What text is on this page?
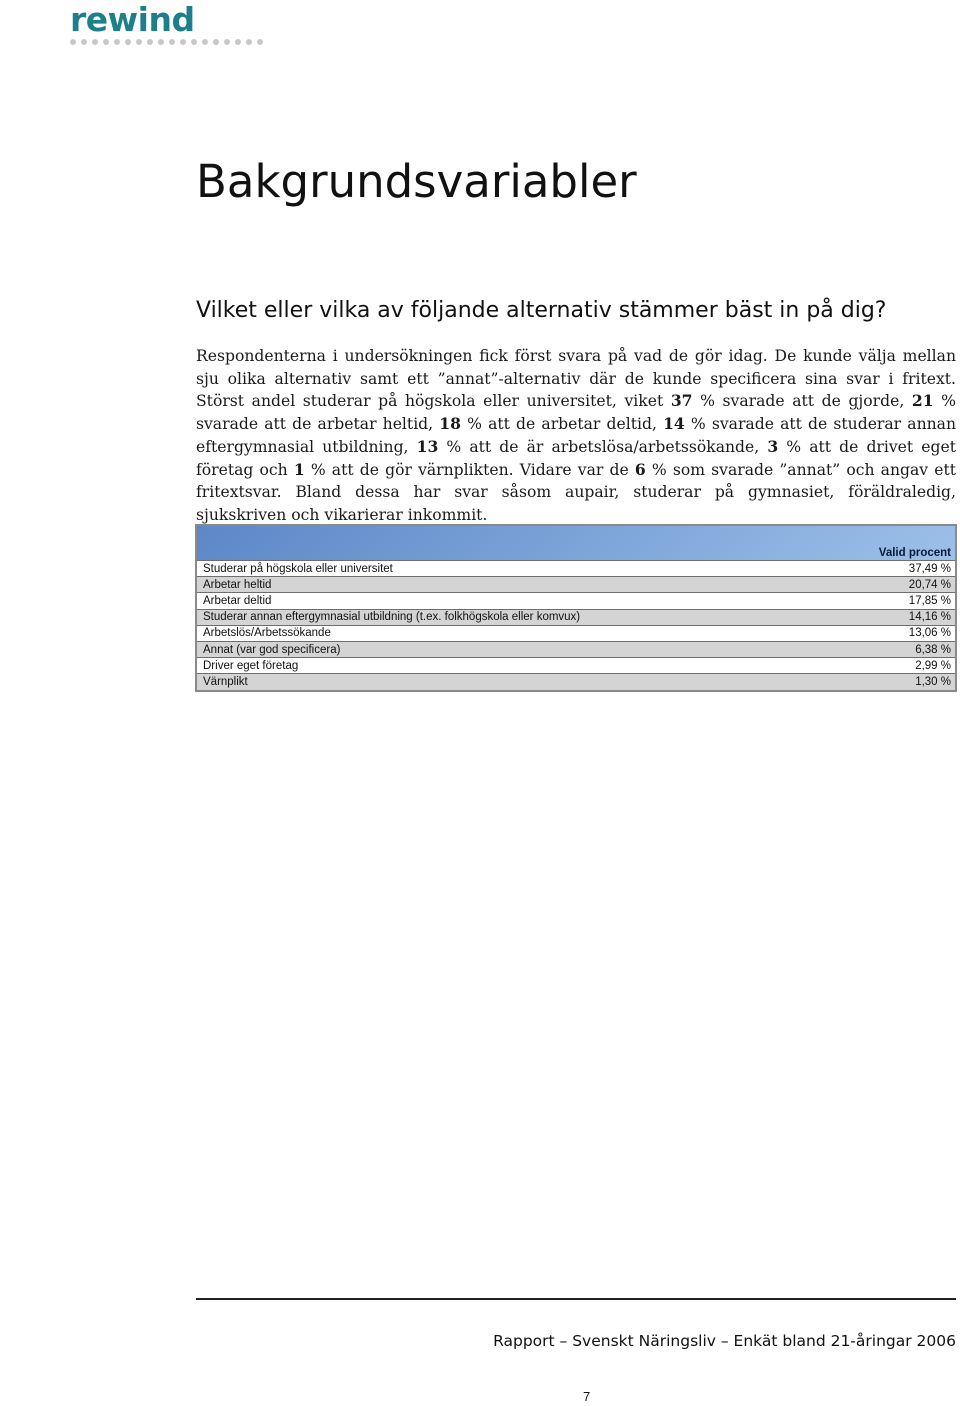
rewind
Bakgrundsvariabler
Vilket eller vilka av följande alternativ stämmer bäst in på dig?

Respondenterna i undersökningen fick först svara på vad de gör idag. De kunde välja mellan sju olika alternativ samt ett ”annat”-alternativ där de kunde specificera sina svar i fritext. Störst andel studerar på högskola eller universitet, viket 37 % svarade att de gjorde, 21 % svarade att de arbetar heltid, 18 % att de arbetar deltid, 14 % svarade att de studerar annan eftergymnasial utbildning, 13 % att de är arbetslösa/arbetssökande, 3 % att de drivet eget företag och 1 % att de gör värnplikten. Vidare var de 6 % som svarade ”annat” och angav ett fritextsvar. Bland dessa har svar såsom aupair, studerar på gymnasiet, föräldraledig, sjukskriven och vikarierar inkommit.

Valid procent
Studerar på högskola eller universitet	37,49 %
Arbetar heltid	20,74 %
Arbetar deltid	17,85 %
Studerar annan eftergymnasial utbildning (t.ex. folkhögskola eller komvux)	14,16 %
Arbetslös/Arbetssökande	13,06 %
Annat (var god specificera)	6,38 %
Driver eget företag	2,99 %
Värnplikt	1,30 %
Rapport – Svenskt Näringsliv – Enkät bland 21-åringar 2006
7
